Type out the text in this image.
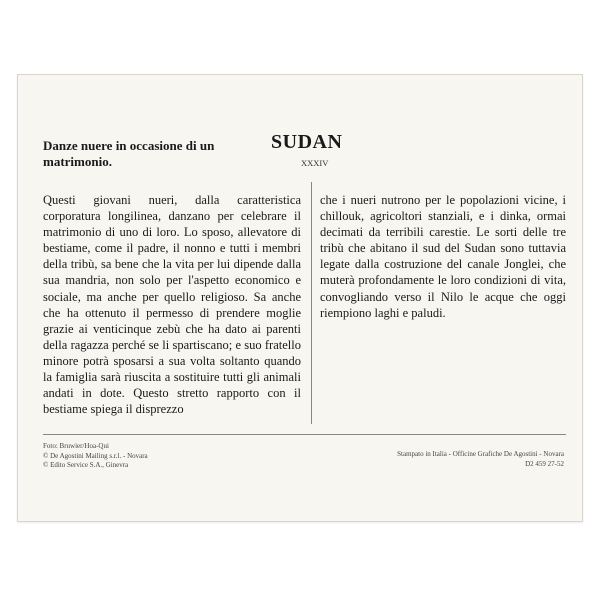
Danze nuere in occasione di un matrimonio.
SUDAN
XXXIV
Questi giovani nueri, dalla caratteristica corporatura longilinea, danzano per celebrare il matrimonio di uno di loro. Lo sposo, allevatore di bestiame, come il padre, il nonno e tutti i membri della tribù, sa bene che la vita per lui dipende dalla sua mandria, non solo per l'aspetto economico e sociale, ma anche per quello religioso. Sa anche che ha ottenuto il permesso di prendere moglie grazie ai venticinque zebù che ha dato ai parenti della ragazza perché se li spartiscano; e suo fratello minore potrà sposarsi a sua volta soltanto quando la famiglia sarà riuscita a sostituire tutti gli animali andati in dote. Questo stretto rapporto con il bestiame spiega il disprezzo
che i nueri nutrono per le popolazioni vicine, i chillouk, agricoltori stanziali, e i dinka, ormai decimati da terribili carestie. Le sorti delle tre tribù che abitano il sud del Sudan sono tuttavia legate dalla costruzione del canale Jonglei, che muterà profondamente le loro condizioni di vita, convogliando verso il Nilo le acque che oggi riempiono laghi e paludi.
Foto: Bruwier/Hoa-Qui
© De Agostini Mailing s.r.l. - Novara
© Edito Service S.A., Ginevra
Stampato in Italia - Officine Grafiche De Agostini - Novara
D2 459 27-52
